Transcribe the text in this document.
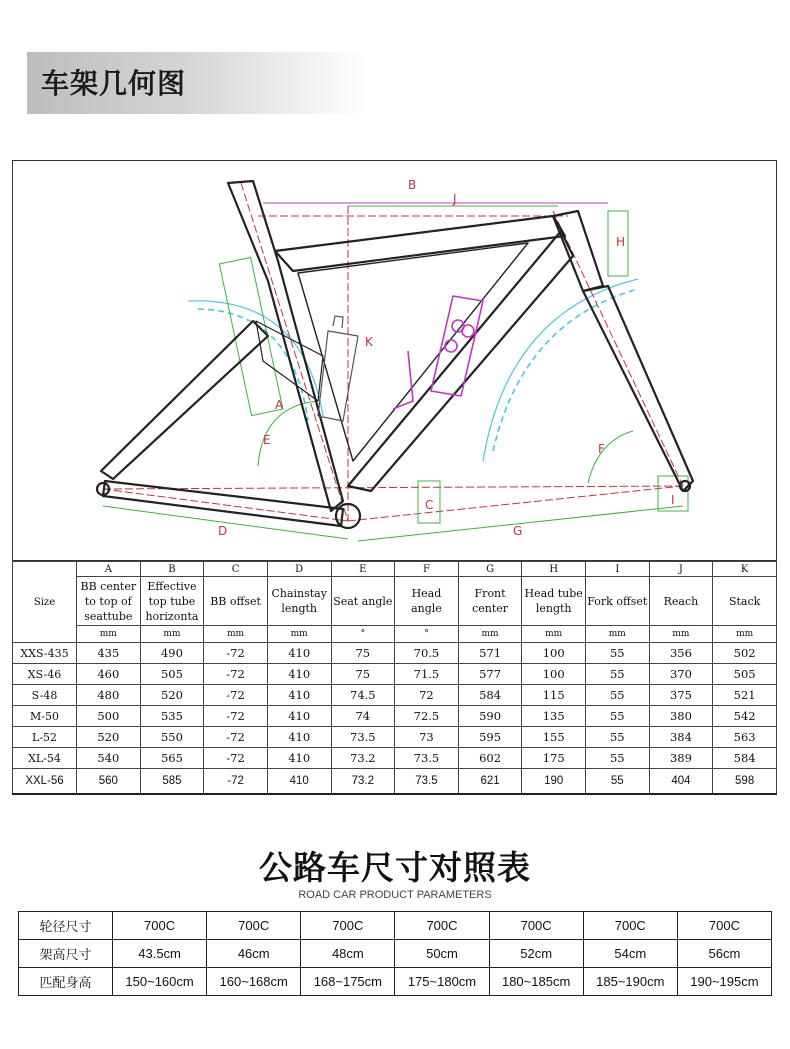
车架几何图
B
J
K
A
E
F
H
I
C
D	G
Size	A	B	C	D	E	F	G	H	I	J	K
	BB center to top of seattube	Effective top tube horizonta	BB offset	Chainstay length	Seat angle	Head angle	Front center	Head tube length	Fork offset	Reach	Stack
	mm	mm	mm	mm	°	°	mm	mm	mm	mm	mm
XXS-435	435	490	-72	410	75	70.5	571	100	55	356	502
XS-46	460	505	-72	410	75	71.5	577	100	55	370	505
S-48	480	520	-72	410	74.5	72	584	115	55	375	521
M-50	500	535	-72	410	74	72.5	590	135	55	380	542
L-52	520	550	-72	410	73.5	73	595	155	55	384	563
XL-54	540	565	-72	410	73.2	73.5	602	175	55	389	584
XXL-56	560	585	-72	410	73.2	73.5	621	190	55	404	598
公路车尺寸对照表
ROAD CAR PRODUCT PARAMETERS
轮径尺寸	700C	700C	700C	700C	700C	700C	700C
架高尺寸	43.5cm	46cm	48cm	50cm	52cm	54cm	56cm
匹配身高	150~160cm	160~168cm	168~175cm	175~180cm	180~185cm	185~190cm	190~195cm
